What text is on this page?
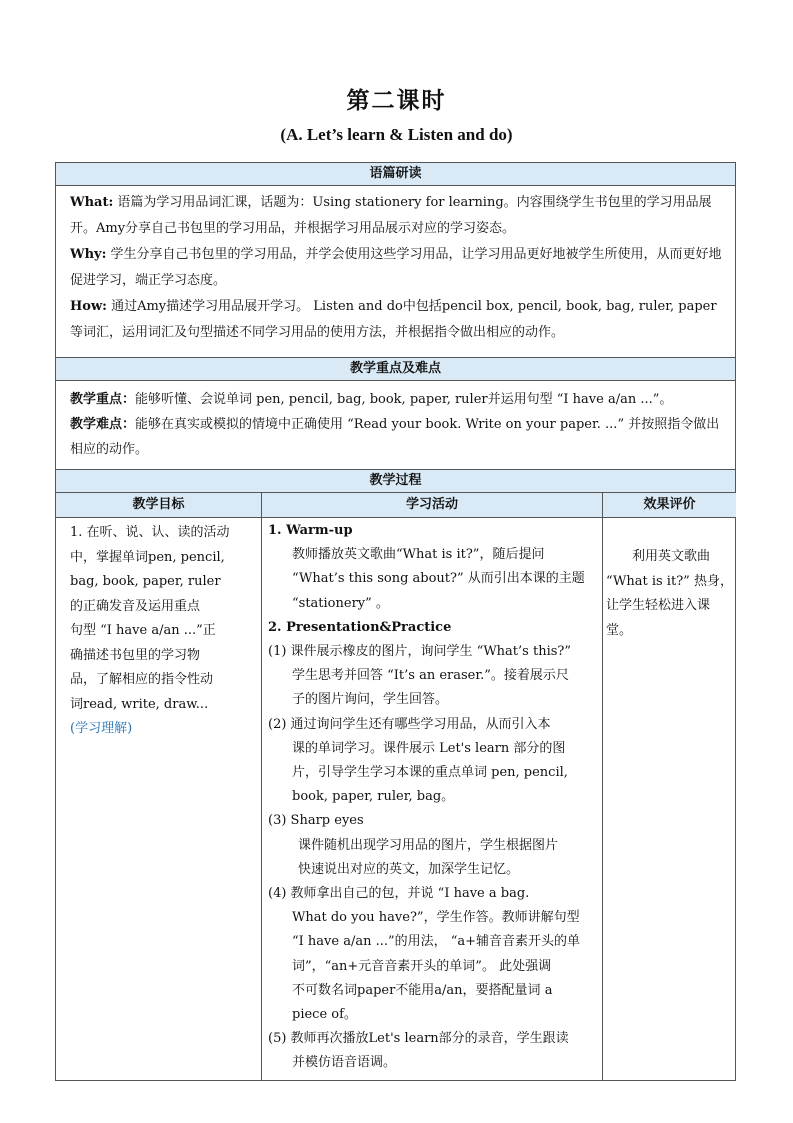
第二课时
(A. Let’s learn & Listen and do)
语篇研读

What: 语篇为学习用品词汇课，话题为：Using stationery for learning。内容围绕学生书包里的学习用品展开。Amy分享自己书包里的学习用品，并根据学习用品展示对应的学习姿态。

Why: 学生分享自己书包里的学习用品，并学会使用这些学习用品，让学习用品更好地被学生所使用，从而更好地促进学习，端正学习态度。

How: 通过Amy描述学习用品展开学习。 Listen and do中包括pencil box, pencil, book, bag, ruler, paper等词汇，运用词汇及句型描述不同学习用品的使用方法，并根据指令做出相应的动作。

教学重点及难点

教学重点：能够听懂、会说单词 pen, pencil, bag, book, paper, ruler并运用句型 “I have a/an ...”。

教学难点：能够在真实或模拟的情境中正确使用 “Read your book. Write on your paper. ...” 并按照指令做出相应的动作。

教学过程
教学目标	学习活动	效果评价

1. 在听、说、认、读的活动

中，掌握单词pen, pencil,

bag, book, paper, ruler

的正确发音及运用重点

句型 “I have a/an ...”正

确描述书包里的学习物

品，了解相应的指令性动

词read, write, draw...

(学习理解)

1. Warm-up

教师播放英文歌曲“What is it?”，随后提问

“What’s this song about?” 从而引出本课的主题

“stationery” 。

2. Presentation&Practice

(1) 课件展示橡皮的图片，询问学生 “What’s this?”

学生思考并回答 “It’s an eraser.”。接着展示尺

子的图片询问，学生回答。

(2) 通过询问学生还有哪些学习用品，从而引入本

课的单词学习。课件展示 Let's learn 部分的图

片，引导学生学习本课的重点单词 pen, pencil,

book, paper, ruler, bag。

(3) Sharp eyes

课件随机出现学习用品的图片，学生根据图片

快速说出对应的英文，加深学生记忆。

(4) 教师拿出自己的包，并说 “I have a bag.

What do you have?”，学生作答。教师讲解句型

“I have a/an ...”的用法， “a+辅音音素开头的单

词”，“an+元音音素开头的单词”。 此处强调

不可数名词paper不能用a/an，要搭配量词 a

piece of。

(5) 教师再次播放Let's learn部分的录音，学生跟读

并模仿语音语调。

　　利用英文歌曲

“What is it?” 热身，

让学生轻松进入课

堂。
